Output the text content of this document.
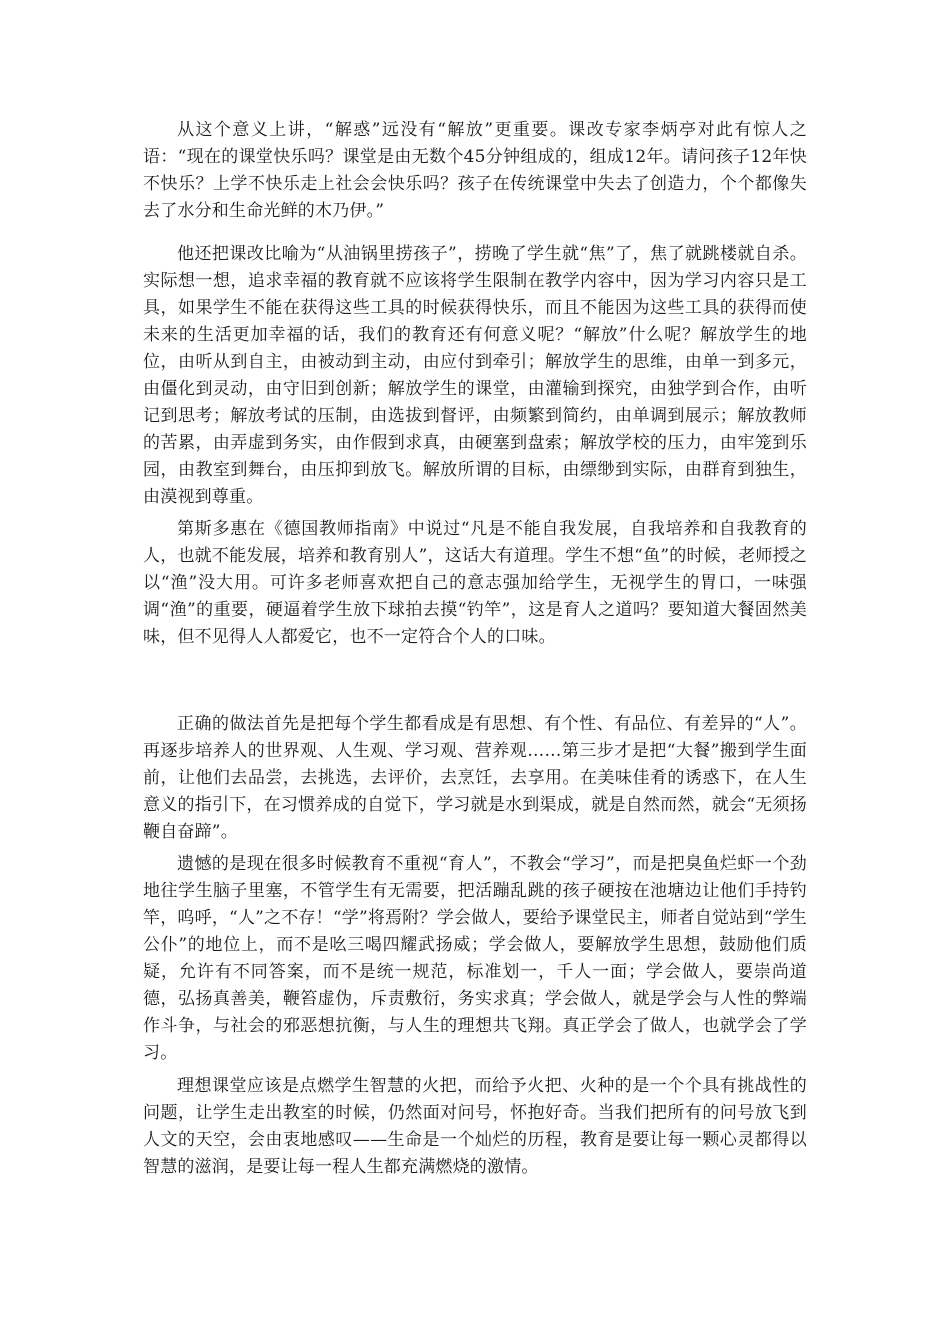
从这个意义上讲，“解惑”远没有“解放”更重要。课改专家李炳亭对此有惊人之语：“现在的课堂快乐吗？课堂是由无数个45分钟组成的，组成12年。请问孩子12年快不快乐？上学不快乐走上社会会快乐吗？孩子在传统课堂中失去了创造力，个个都像失去了水分和生命光鲜的木乃伊。”

他还把课改比喻为“从油锅里捞孩子”，捞晚了学生就“焦”了，焦了就跳楼就自杀。实际想一想，追求幸福的教育就不应该将学生限制在教学内容中，因为学习内容只是工具，如果学生不能在获得这些工具的时候获得快乐，而且不能因为这些工具的获得而使未来的生活更加幸福的话，我们的教育还有何意义呢？“解放”什么呢？解放学生的地位，由听从到自主，由被动到主动，由应付到牵引；解放学生的思维，由单一到多元，由僵化到灵动，由守旧到创新；解放学生的课堂，由灌输到探究，由独学到合作，由听记到思考；解放考试的压制，由选拔到督评，由频繁到简约，由单调到展示；解放教师的苦累，由弄虚到务实，由作假到求真，由硬塞到盘索；解放学校的压力，由牢笼到乐园，由教室到舞台，由压抑到放飞。解放所谓的目标，由缥缈到实际，由群育到独生，由漠视到尊重。

第斯多惠在《德国教师指南》中说过“凡是不能自我发展，自我培养和自我教育的人，也就不能发展，培养和教育别人”，这话大有道理。学生不想“鱼”的时候，老师授之以“渔”没大用。可许多老师喜欢把自己的意志强加给学生，无视学生的胃口，一味强调“渔”的重要，硬逼着学生放下球拍去摸“钓竿”，这是育人之道吗？要知道大餐固然美味，但不见得人人都爱它，也不一定符合个人的口味。

正确的做法首先是把每个学生都看成是有思想、有个性、有品位、有差异的“人”。再逐步培养人的世界观、人生观、学习观、营养观……第三步才是把“大餐”搬到学生面前，让他们去品尝，去挑选，去评价，去烹饪，去享用。在美味佳肴的诱惑下，在人生意义的指引下，在习惯养成的自觉下，学习就是水到渠成，就是自然而然，就会“无须扬鞭自奋蹄”。

遗憾的是现在很多时候教育不重视“育人”，不教会“学习”，而是把臭鱼烂虾一个劲地往学生脑子里塞，不管学生有无需要，把活蹦乱跳的孩子硬按在池塘边让他们手持钓竿，呜呼，“人”之不存！“学”将焉附？学会做人，要给予课堂民主，师者自觉站到“学生公仆”的地位上，而不是吆三喝四耀武扬威；学会做人，要解放学生思想，鼓励他们质疑，允许有不同答案，而不是统一规范，标准划一，千人一面；学会做人，要崇尚道德，弘扬真善美，鞭笞虚伪，斥责敷衍，务实求真；学会做人，就是学会与人性的弊端作斗争，与社会的邪恶想抗衡，与人生的理想共飞翔。真正学会了做人，也就学会了学习。

理想课堂应该是点燃学生智慧的火把，而给予火把、火种的是一个个具有挑战性的问题，让学生走出教室的时候，仍然面对问号，怀抱好奇。当我们把所有的问号放飞到人文的天空，会由衷地感叹——生命是一个灿烂的历程，教育是要让每一颗心灵都得以智慧的滋润，是要让每一程人生都充满燃烧的激情。
